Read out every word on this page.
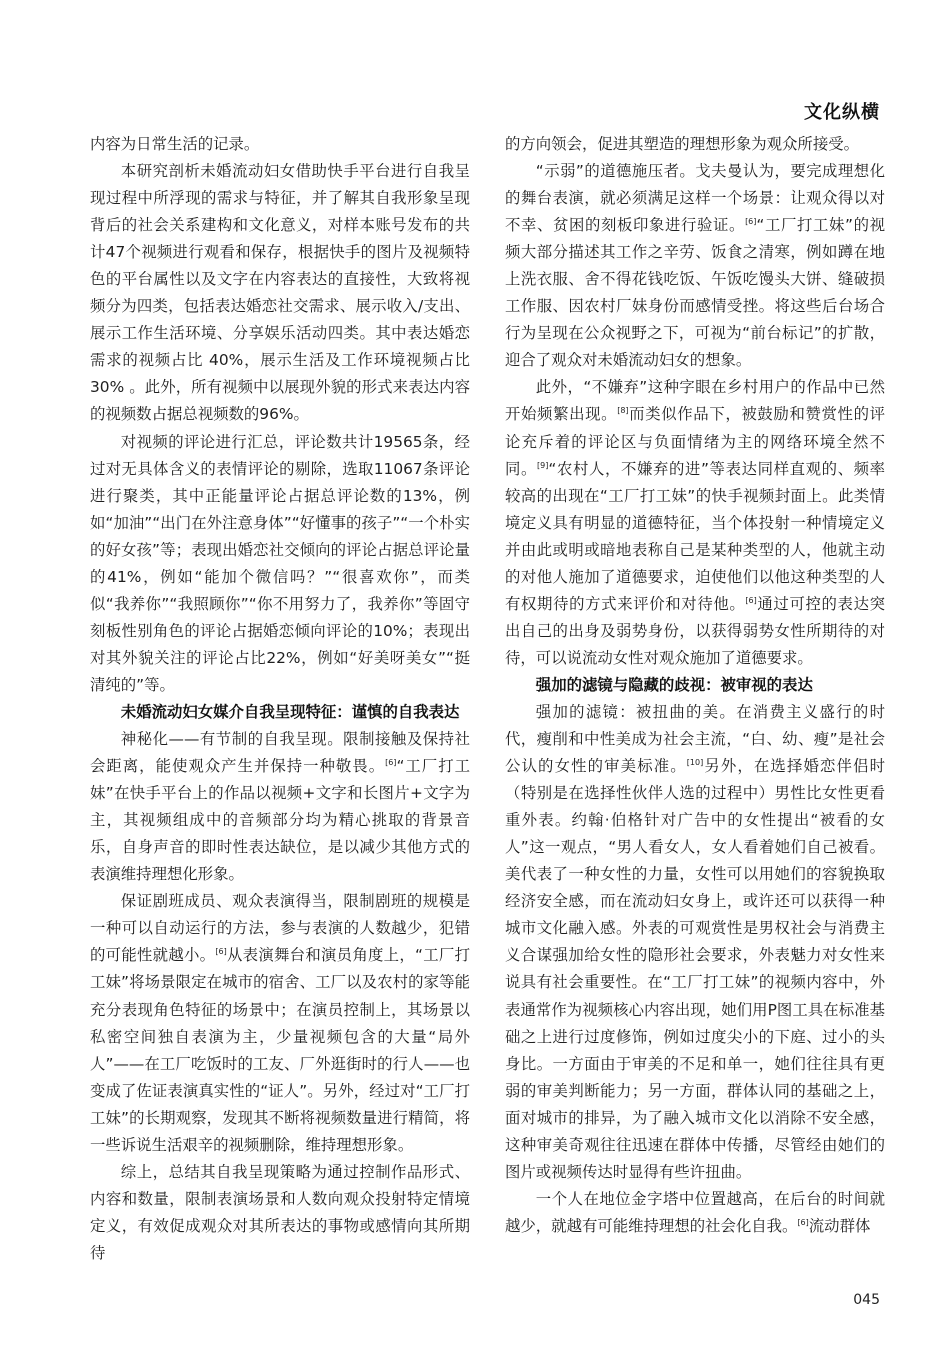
文化纵横

内容为日常生活的记录。

本研究剖析未婚流动妇女借助快手平台进行自我呈现过程中所浮现的需求与特征，并了解其自我形象呈现背后的社会关系建构和文化意义，对样本账号发布的共计47个视频进行观看和保存，根据快手的图片及视频特色的平台属性以及文字在内容表达的直接性，大致将视频分为四类，包括表达婚恋社交需求、展示收入/支出、展示工作生活环境、分享娱乐活动四类。其中表达婚恋需求的视频占比 40%，展示生活及工作环境视频占比30% 。此外，所有视频中以展现外貌的形式来表达内容的视频数占据总视频数的96%。

对视频的评论进行汇总，评论数共计19565条，经过对无具体含义的表情评论的剔除，选取11067条评论进行聚类，其中正能量评论占据总评论数的13%，例如“加油”“出门在外注意身体”“好懂事的孩子”“一个朴实的好女孩”等；表现出婚恋社交倾向的评论占据总评论量的41%，例如“能加个微信吗？”“很喜欢你”，而类似“我养你”“我照顾你”“你不用努力了，我养你”等固守刻板性别角色的评论占据婚恋倾向评论的10%；表现出对其外貌关注的评论占比22%，例如“好美呀美女”“挺清纯的”等。

未婚流动妇女媒介自我呈现特征：谨慎的自我表达

神秘化——有节制的自我呈现。限制接触及保持社会距离，能使观众产生并保持一种敬畏。[6]“工厂打工妹”在快手平台上的作品以视频+文字和长图片+文字为主，其视频组成中的音频部分均为精心挑取的背景音乐，自身声音的即时性表达缺位，是以减少其他方式的表演维持理想化形象。

保证剧班成员、观众表演得当，限制剧班的规模是一种可以自动运行的方法，参与表演的人数越少，犯错的可能性就越小。[6]从表演舞台和演员角度上，“工厂打工妹”将场景限定在城市的宿舍、工厂以及农村的家等能充分表现角色特征的场景中；在演员控制上，其场景以私密空间独自表演为主，少量视频包含的大量“局外人”——在工厂吃饭时的工友、厂外逛街时的行人——也变成了佐证表演真实性的“证人”。另外，经过对“工厂打工妹”的长期观察，发现其不断将视频数量进行精简，将一些诉说生活艰辛的视频删除，维持理想形象。

综上，总结其自我呈现策略为通过控制作品形式、内容和数量，限制表演场景和人数向观众投射特定情境定义，有效促成观众对其所表达的事物或感情向其所期待

的方向领会，促进其塑造的理想形象为观众所接受。

“示弱”的道德施压者。戈夫曼认为，要完成理想化的舞台表演，就必须满足这样一个场景：让观众得以对不幸、贫困的刻板印象进行验证。[6]“工厂打工妹”的视频大部分描述其工作之辛劳、饭食之清寒，例如蹲在地上洗衣服、舍不得花钱吃饭、午饭吃馒头大饼、缝破损工作服、因农村厂妹身份而感情受挫。将这些后台场合行为呈现在公众视野之下，可视为“前台标记”的扩散，迎合了观众对未婚流动妇女的想象。

此外，“不嫌弃”这种字眼在乡村用户的作品中已然开始频繁出现。[8]而类似作品下，被鼓励和赞赏性的评论充斥着的评论区与负面情绪为主的网络环境全然不同。[9]“农村人，不嫌弃的进”等表达同样直观的、频率较高的出现在“工厂打工妹”的快手视频封面上。此类情境定义具有明显的道德特征，当个体投射一种情境定义并由此或明或暗地表称自己是某种类型的人，他就主动的对他人施加了道德要求，迫使他们以他这种类型的人有权期待的方式来评价和对待他。[6]通过可控的表达突出自己的出身及弱势身份，以获得弱势女性所期待的对待，可以说流动女性对观众施加了道德要求。

强加的滤镜与隐藏的歧视：被审视的表达

强加的滤镜：被扭曲的美。在消费主义盛行的时代，瘦削和中性美成为社会主流，“白、幼、瘦”是社会公认的女性的审美标准。[10]另外，在选择婚恋伴侣时（特别是在选择性伙伴人选的过程中）男性比女性更看重外表。约翰·伯格针对广告中的女性提出“被看的女人”这一观点，“男人看女人，女人看着她们自己被看。美代表了一种女性的力量，女性可以用她们的容貌换取经济安全感，而在流动妇女身上，或许还可以获得一种城市文化融入感。外表的可观赏性是男权社会与消费主义合谋强加给女性的隐形社会要求，外表魅力对女性来说具有社会重要性。在“工厂打工妹”的视频内容中，外表通常作为视频核心内容出现，她们用P图工具在标准基础之上进行过度修饰，例如过度尖小的下庭、过小的头身比。一方面由于审美的不足和单一，她们往往具有更弱的审美判断能力；另一方面，群体认同的基础之上，面对城市的排异，为了融入城市文化以消除不安全感，这种审美奇观往往迅速在群体中传播，尽管经由她们的图片或视频传达时显得有些许扭曲。

一个人在地位金字塔中位置越高，在后台的时间就越少，就越有可能维持理想的社会化自我。[6]流动群体

045
